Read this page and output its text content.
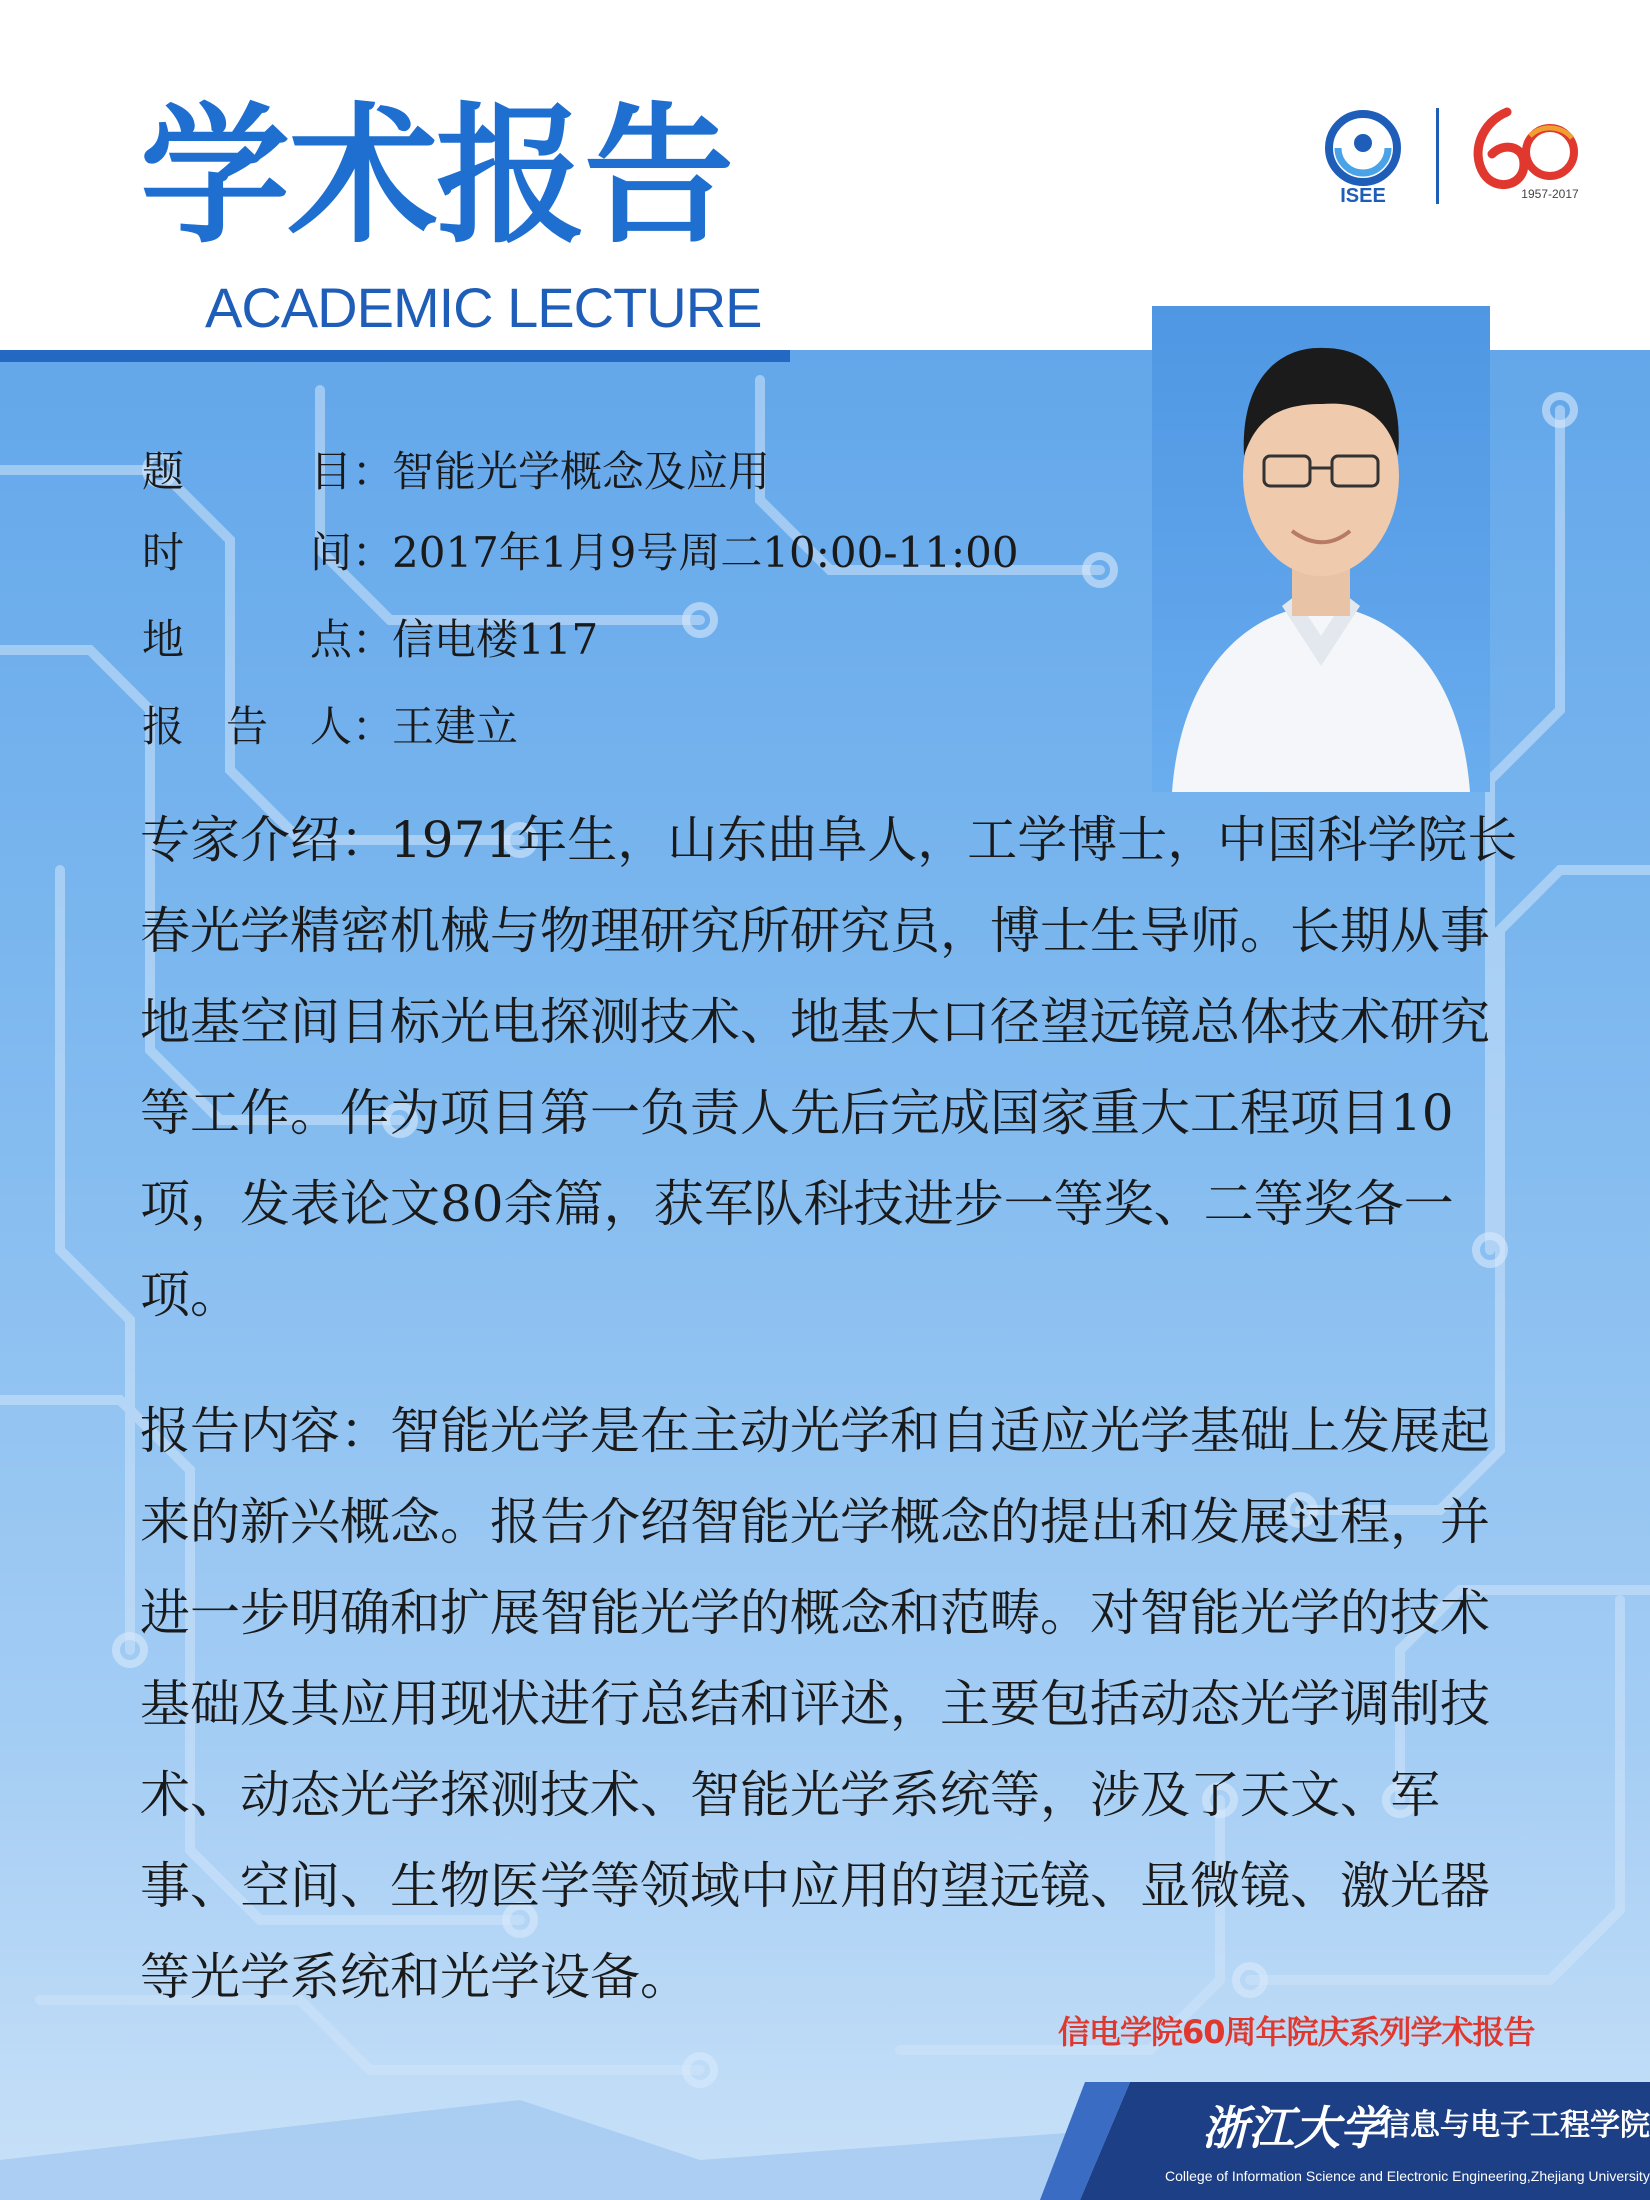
学术报告
ACADEMIC LECTURE
ISEE	1957-2017
题　　　目：智能光学概念及应用
时　　　间：2017年1月9号周二10:00-11:00
地　　　点：信电楼117
报　告　人：王建立

专家介绍：1971年生，山东曲阜人，工学博士，中国科学院长春光学精密机械与物理研究所研究员，博士生导师。长期从事地基空间目标光电探测技术、地基大口径望远镜总体技术研究等工作。作为项目第一负责人先后完成国家重大工程项目10项，发表论文80余篇，获军队科技进步一等奖、二等奖各一项。

报告内容：智能光学是在主动光学和自适应光学基础上发展起来的新兴概念。报告介绍智能光学概念的提出和发展过程，并进一步明确和扩展智能光学的概念和范畴。对智能光学的技术基础及其应用现状进行总结和评述，主要包括动态光学调制技术、动态光学探测技术、智能光学系统等，涉及了天文、军事、空间、生物医学等领域中应用的望远镜、显微镜、激光器等光学系统和光学设备。

信电学院60周年院庆系列学术报告
浙江大学
信息与电子工程学院
College of Information Science and Electronic Engineering,Zhejiang University
